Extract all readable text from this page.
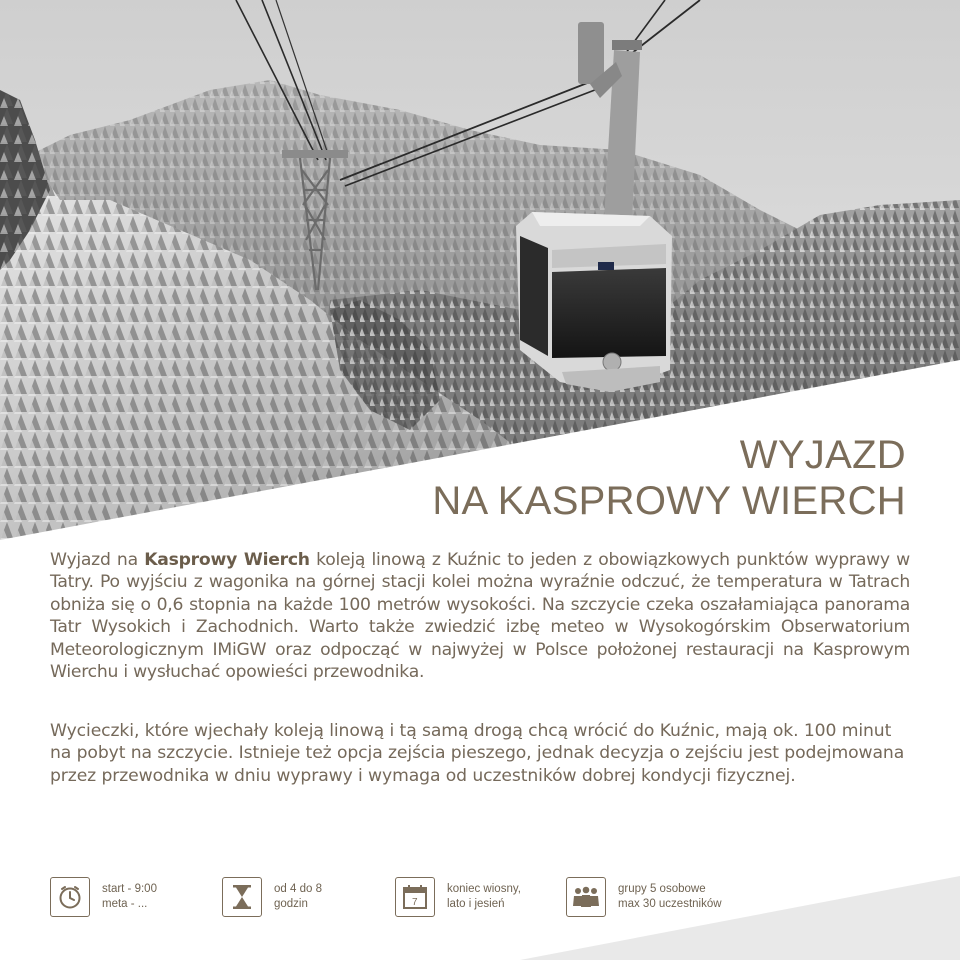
WYJAZD
NA KASPROWY WIERCH

Wyjazd na Kasprowy Wierch koleją linową z Kuźnic to jeden z obowiązkowych punktów wyprawy w Tatry. Po wyjściu z wagonika na górnej stacji kolei można wyraźnie odczuć, że temperatura w Tatrach obniża się o 0,6 stopnia na każde 100 metrów wysokości. Na szczycie czeka oszałamiająca panorama Tatr Wysokich i Zachodnich. Warto także zwiedzić izbę meteo w Wysokogórskim Obserwatorium Meteorologicznym IMiGW oraz odpocząć w najwyżej w Polsce położonej restauracji na Kasprowym Wierchu i wysłuchać opowieści przewodnika.

Wycieczki, które wjechały koleją linową i tą samą drogą chcą wrócić do Kuźnic, mają ok. 100 minut na pobyt na szczycie. Istnieje też opcja zejścia pieszego, jednak decyzja o zejściu jest podejmowana przez przewodnika w dniu wyprawy i wymaga od uczestników dobrej kondycji fizycznej.

start - 9:00
meta - ...
od 4 do 8
godzin	7
koniec wiosny,
lato i jesień
grupy 5 osobowe
max 30 uczestników
